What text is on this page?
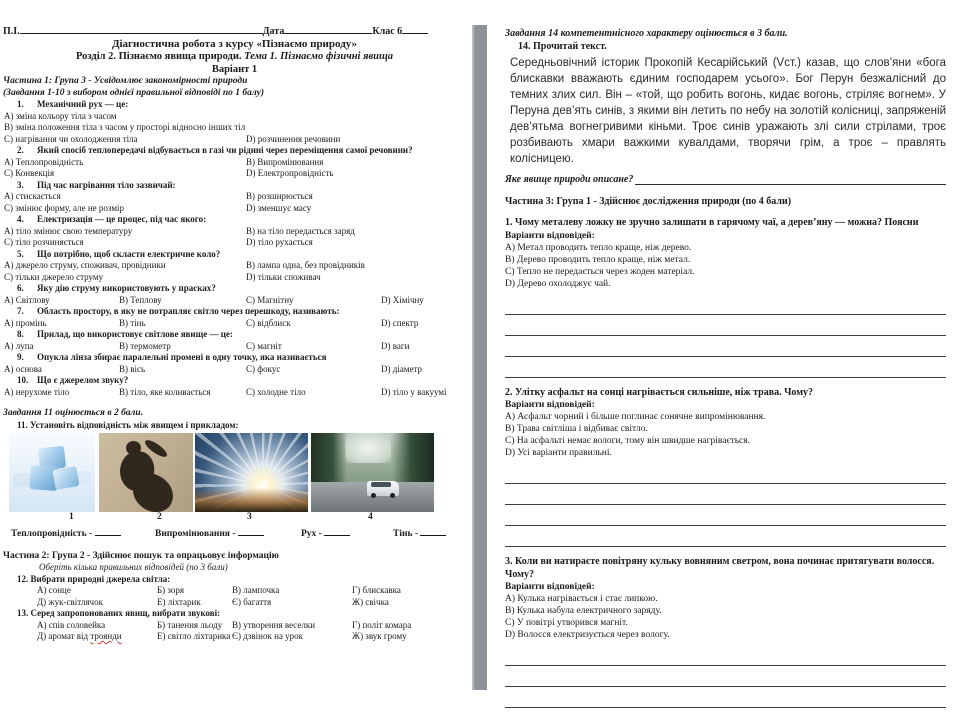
П.І.	Дата	Клас 6
Діагностична робота з курсу «Пізнаємо природу»
Розділ 2. Пізнаємо явища природи. Тема 1. Пізнаємо фізичні явища
Варіант 1
Частина 1: Група 3 - Усвідомлює закономірності природи
(Завдання 1-10 з вибором однієї правильної відповіді по 1 балу)
1.	Механічний рух — це:
A) зміна кольору тіла з часом
B) зміна положення тіла з часом у просторі відносно інших тіл
C) нагрівання чи охолодження тіла	D) розчинення речовини
2.	Який спосіб теплопередачі відбувається в газі чи рідині через переміщення самої речовини?
A) Теплопровідність	B) Випромінювання
C) Конвекція	D) Електропровідність
3.	Під час нагрівання тіло зазвичай:
A) стискається	B) розширюється
C) змінює форму, але не розмір	D) зменшує масу
4.	Електризація — це процес, під час якого:
A) тіло змінює свою температуру	B) на тіло передається заряд
C) тіло розчиняється	D) тіло рухається
5.	Що потрібно, щоб скласти електричне коло?
A) джерело струму, споживач, провідники	B) лампа одна, без провідників
C) тільки джерело струму	D) тільки споживач
6.	Яку дію струму використовують у прасках?
A) Світлову	B) Теплову	C) Магнітну	D) Хімічну
7.	Область простору, в яку не потрапляє світло через перешкоду, називають:
A) промінь	B) тінь	C) відблиск	D) спектр
8.	Прилад, що використовує світлове явище — це:
A) лупа	B) термометр	C) магніт	D) ваги
9.	Опукла лінза збирає паралельні промені в одну точку, яка називається
A) основа	B) вісь	C) фокус	D) діаметр
10. Що є джерелом звуку?
A) нерухоме тіло	B) тіло, яке коливається	C) холодне тіло	D) тіло у вакуумі
Завдання 11 оцінюється в 2 бали.
11. Установіть відповідність між явищем і прикладом:
1	2	3	4
Теплопровідність -	Випромінювання -	Рух -	Тінь -
Частина 2: Група 2 - Здійснює пошук та опрацьовує інформацію
Оберіть кілька правильних відповідей (по 3 бали)
12. Вибрати природні джерела світла:
А) сонце	Б) зоря	В) лампочка	Г) блискавка
Д) жук-світлячок	Е) ліхтарик	Є) багаття	Ж) свічка
13. Серед запропонованих явищ, вибрати звукові:
А) спів соловейка	Б) танення льоду В) утворення веселки	Г) політ комара
Д) аромат від троянди	Е) світло ліхтарика Є) дзвінок на урок	Ж) звук грому
Завдання 14 компетентнісного характеру оцінюється в 3 бали.
14. Прочитай текст.
Середньовічний історик Прокопій Кесарійський (Vст.) казав, що слов’яни «бога блискавки вважають єдиним господарем усього». Бог Перун безжалісний до темних злих сил. Він – «той, що робить вогонь, кидає вогонь, стріляє вогнем». У Перуна дев’ять синів, з якими він летить по небу на золотій колісниці, запряженій дев’ятьма вогнегривими кіньми. Троє синів уражають злі сили стрілами, троє розбивають хмари важкими кувалдами, творячи грім, а троє – правлять колісницею.
Яке явище природи описане?
Частина 3: Група 1 - Здійснює дослідження природи (по 4 бали)
1. Чому металеву ложку не зручно залишати в гарячому чаї, а дерев’яну — можна? Поясни
Варіанти відповідей:
A) Метал проводить тепло краще, ніж дерево.
B) Дерево проводить тепло краще, ніж метал.
C) Тепло не передається через жоден матеріал.
D) Дерево охолоджує чай.
2. Улітку асфальт на сонці нагрівається сильніше, ніж трава. Чому?
Варіанти відповідей:
A) Асфальт чорний і більше поглинає сонячне випромінювання.
B) Трава світліша і відбиває світло.
C) На асфальті немає вологи, тому він швидше нагрівається.
D) Усі варіанти правильні.
3. Коли ви натираєте повітряну кульку вовняним светром, вона починає притягувати волосся. Чому?
Варіанти відповідей:
A) Кулька нагрівається і стає липкою.
B) Кулька набула електричного заряду.
C) У повітрі утворився магніт.
D) Волосся електризується через вологу.
